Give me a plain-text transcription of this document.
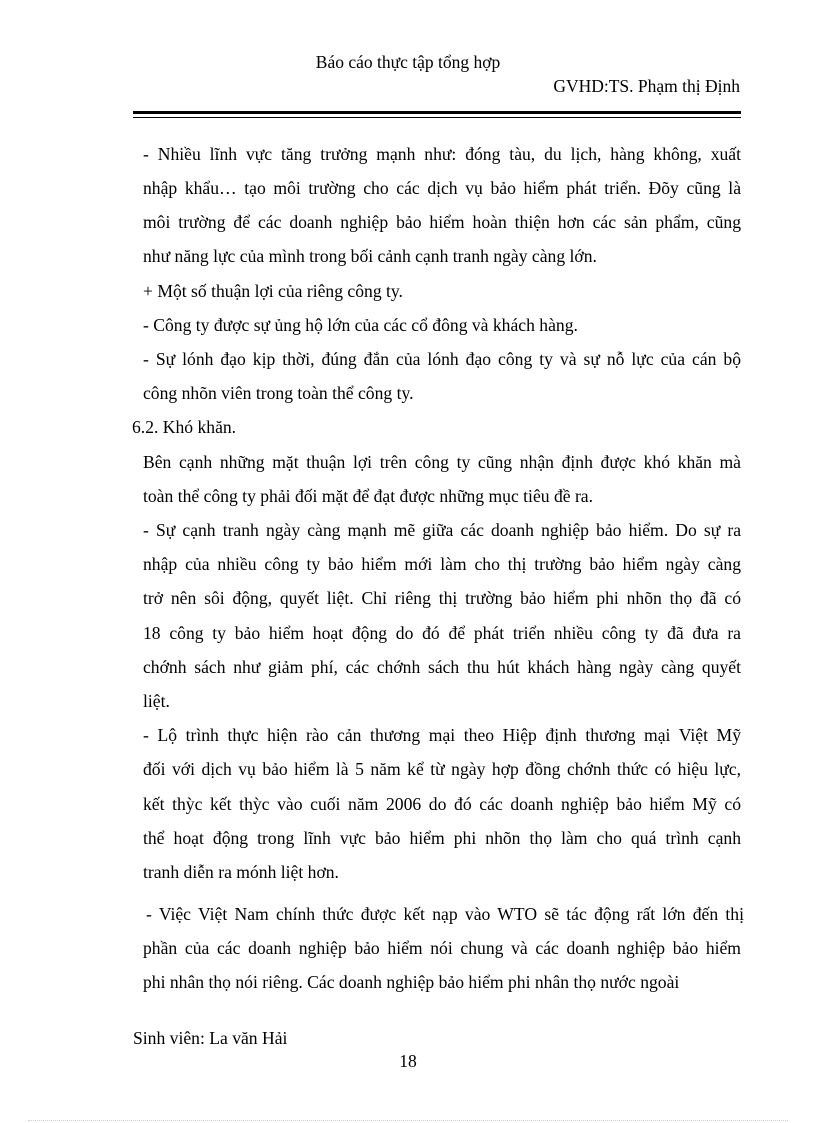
Báo cáo thực tập tổng hợp
GVHD:TS. Phạm thị Định
- Nhiều lĩnh vực tăng trưởng mạnh như: đóng tàu, du lịch, hàng không, xuất
nhập khẩu… tạo môi trường cho các dịch vụ bảo hiểm phát triển. Đõy cũng là
môi trường để các doanh nghiệp bảo hiểm hoàn thiện hơn các sản phẩm, cũng
như năng lực của mình trong bối cảnh cạnh tranh ngày càng lớn.
+ Một số thuận lợi của riêng công ty.
- Công ty được sự ủng hộ lớn của các cổ đông và khách hàng.
- Sự lónh đạo kịp thời, đúng đắn của lónh đạo công ty và sự nỗ lực của cán bộ
công nhõn viên trong toàn thể công ty.
6.2. Khó khăn.
Bên cạnh những mặt thuận lợi trên công ty cũng nhận định được khó khăn mà
toàn thể công ty phải đối mặt để đạt được những mục tiêu đề ra.
- Sự cạnh tranh ngày càng mạnh mẽ giữa các doanh nghiệp bảo hiểm. Do sự ra
nhập của nhiều công ty bảo hiểm mới làm cho thị trường bảo hiểm ngày càng
trở nên sôi động, quyết liệt. Chỉ riêng thị trường bảo hiểm phi nhõn thọ đã có
18 công ty bảo hiểm hoạt động do đó để phát triển nhiều công ty đã đưa ra
chớnh sách như giảm phí, các chớnh sách thu hút khách hàng ngày càng quyết
liệt.
- Lộ trình thực hiện rào cản thương mại theo Hiệp định thương mại Việt Mỹ
đối với dịch vụ bảo hiểm là 5 năm kể từ ngày hợp đồng chớnh thức có hiệu lực,
kết thỳc kết thỳc vào cuối năm 2006 do đó các doanh nghiệp bảo hiểm Mỹ có
thể hoạt động trong lĩnh vực bảo hiểm phi nhõn thọ làm cho quá trình cạnh
tranh diễn ra mónh liệt hơn.
- Việc Việt Nam chính thức được kết nạp vào WTO sẽ tác động rất lớn đến thị
phần của các doanh nghiệp bảo hiểm nói chung và các doanh nghiệp bảo hiểm
phi nhân thọ nói riêng. Các doanh nghiệp bảo hiểm phi nhân thọ nước ngoài
Sinh viên: La văn Hải
18
